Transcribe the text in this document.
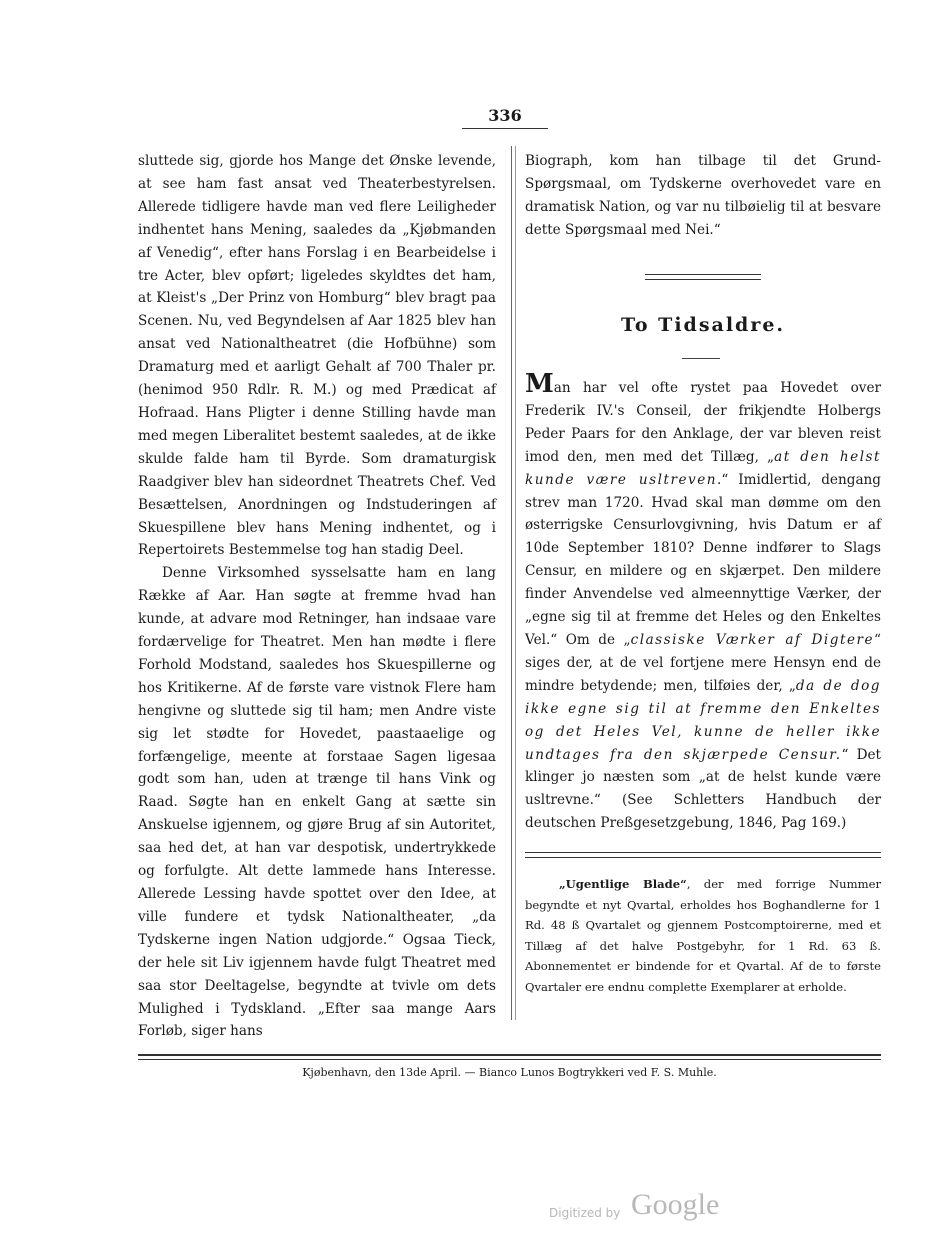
336

sluttede sig, gjorde hos Mange det Ønske levende, at see ham fast ansat ved Theaterbestyrelsen. Allerede tidligere havde man ved flere Leiligheder indhentet hans Mening, saaledes da „Kjøbmanden af Venedig“, efter hans Forslag i en Bearbeidelse i tre Acter, blev opført; ligeledes skyldtes det ham, at Kleist's „Der Prinz von Homburg“ blev bragt paa Scenen. Nu, ved Begyndelsen af Aar 1825 blev han ansat ved Nationaltheatret (die Hofbühne) som Dramaturg med et aarligt Gehalt af 700 Thaler pr. (henimod 950 Rdlr. R. M.) og med Prædicat af Hofraad. Hans Pligter i denne Stilling havde man med megen Liberalitet bestemt saaledes, at de ikke skulde falde ham til Byrde. Som dramaturgisk Raadgiver blev han sideordnet Theatrets Chef. Ved Besættelsen, Anordningen og Indstuderingen af Skuespillene blev hans Mening indhentet, og i Repertoirets Bestemmelse tog han stadig Deel.

Denne Virksomhed sysselsatte ham en lang Række af Aar. Han søgte at fremme hvad han kunde, at advare mod Retninger, han indsaae vare fordærvelige for Theatret. Men han mødte i flere Forhold Modstand, saaledes hos Skuespillerne og hos Kritikerne. Af de første vare vistnok Flere ham hengivne og sluttede sig til ham; men Andre viste sig let stødte for Hovedet, paastaaelige og forfængelige, meente at forstaae Sagen ligesaa godt som han, uden at trænge til hans Vink og Raad. Søgte han en enkelt Gang at sætte sin Anskuelse igjennem, og gjøre Brug af sin Autoritet, saa hed det, at han var despotisk, undertrykkede og forfulgte. Alt dette lammede hans Interesse. Allerede Lessing havde spottet over den Idee, at ville fundere et tydsk Nationaltheater, „da Tydskerne ingen Nation udgjorde.“ Ogsaa Tieck, der hele sit Liv igjennem havde fulgt Theatret med saa stor Deeltagelse, begyndte at tvivle om dets Mulighed i Tydskland. „Efter saa mange Aars Forløb, siger hans

Biograph, kom han tilbage til det Grund-Spørgsmaal, om Tydskerne overhovedet vare en dramatisk Nation, og var nu tilbøielig til at besvare dette Spørgsmaal med Nei.“

To Tidsaldre.

Man har vel ofte rystet paa Hovedet over Frederik IV.'s Conseil, der frikjendte Holbergs Peder Paars for den Anklage, der var bleven reist imod den, men med det Tillæg, „at den helst kunde være usltreven.“ Imidlertid, dengang strev man 1720. Hvad skal man dømme om den østerrigske Censurlovgivning, hvis Datum er af 10de September 1810? Denne indfører to Slags Censur, en mildere og en skjærpet. Den mildere finder Anvendelse ved almeennyttige Værker, der „egne sig til at fremme det Heles og den Enkeltes Vel.“ Om de „classiske Værker af Digtere“ siges der, at de vel fortjene mere Hensyn end de mindre betydende; men, tilføies der, „da de dog ikke egne sig til at fremme den Enkeltes og det Heles Vel, kunne de heller ikke undtages fra den skjærpede Censur.“ Det klinger jo næsten som „at de helst kunde være usltrevne.“ (See Schletters Handbuch der deutschen Preßgesetzgebung, 1846, Pag 169.)

„Ugentlige Blade“, der med forrige Nummer begyndte et nyt Qvartal, erholdes hos Boghandlerne for 1 Rd. 48 ß Qvartalet og gjennem Postcomptoirerne, med et Tillæg af det halve Postgebyhr, for 1 Rd. 63 ß. Abonnementet er bindende for et Qvartal. Af de to første Qvartaler ere endnu complette Exemplarer at erholde.

Kjøbenhavn, den 13de April. — Bianco Lunos Bogtrykkeri ved F. S. Muhle.
Digitized by Google
